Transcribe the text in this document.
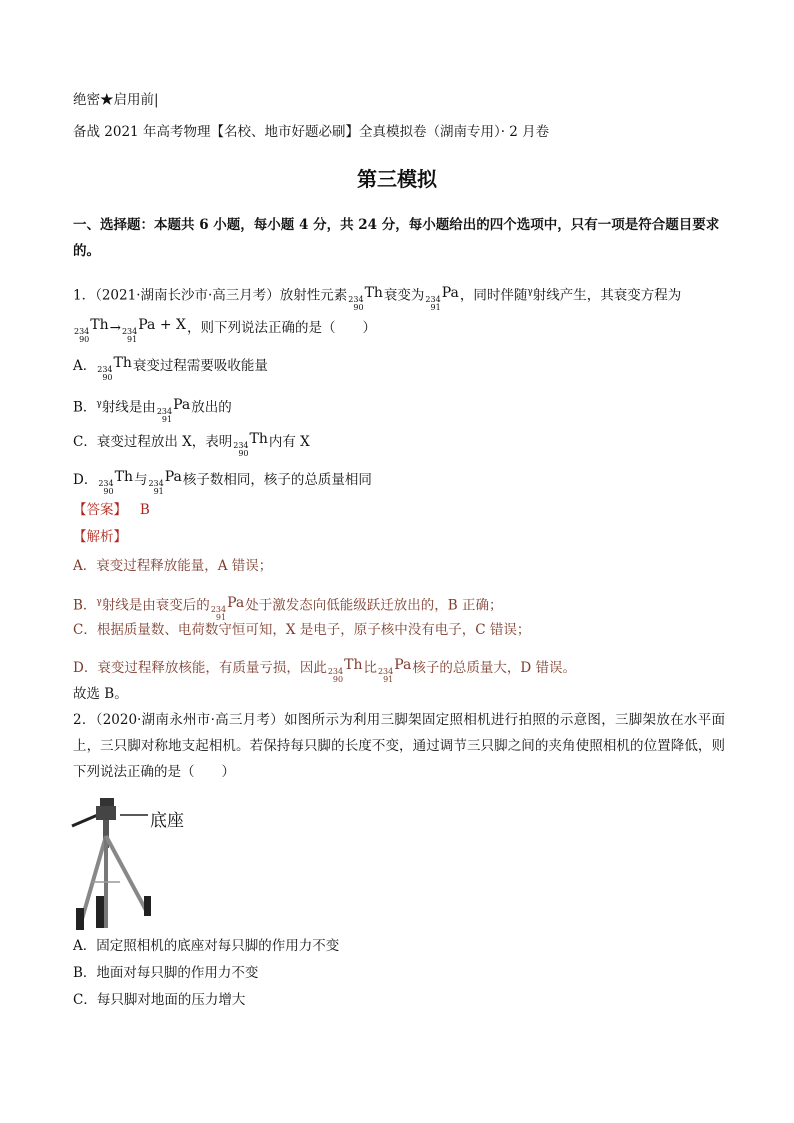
绝密★启用前|
备战 2021 年高考物理【名校、地市好题必刷】全真模拟卷（湖南专用）· 2 月卷
第三模拟
一、选择题：本题共 6 小题，每小题 4 分，共 24 分，每小题给出的四个选项中，只有一项是符合题目要求的。
1．（2021·湖南长沙市·高三月考）放射性元素 234
90
Th衰变为 234
91
Pa，同时伴随$^\gamma$射线产生，其衰变方程为
234
90
Th→ 234
91
Pa + X，则下列说法正确的是（　　）
A． 234
90
Th衰变过程需要吸收能量
B．$^\gamma$射线是由 234
91
Pa放出的
C．衰变过程放出 X，表明 234
90
Th内有 X
D． 234
90
Th与 234
91
Pa核子数相同，核子的总质量相同
【答案】 B
【解析】
A．衰变过程释放能量，A 错误；
B．$^\gamma$射线是由衰变后的 234
91
Pa处于激发态向低能级跃迁放出的，B 正确；
C．根据质量数、电荷数守恒可知，X 是电子，原子核中没有电子，C 错误；
D．衰变过程释放核能，有质量亏损，因此 234
90
Th比 234
91
Pa核子的总质量大，D 错误。
故选 B。
2．（2020·湖南永州市·高三月考）如图所示为利用三脚架固定照相机进行拍照的示意图，三脚架放在水平面上，三只脚对称地支起相机。若保持每只脚的长度不变，通过调节三只脚之间的夹角使照相机的位置降低，则下列说法正确的是（　　）
底座
A．固定照相机的底座对每只脚的作用力不变
B．地面对每只脚的作用力不变
C．每只脚对地面的压力增大
